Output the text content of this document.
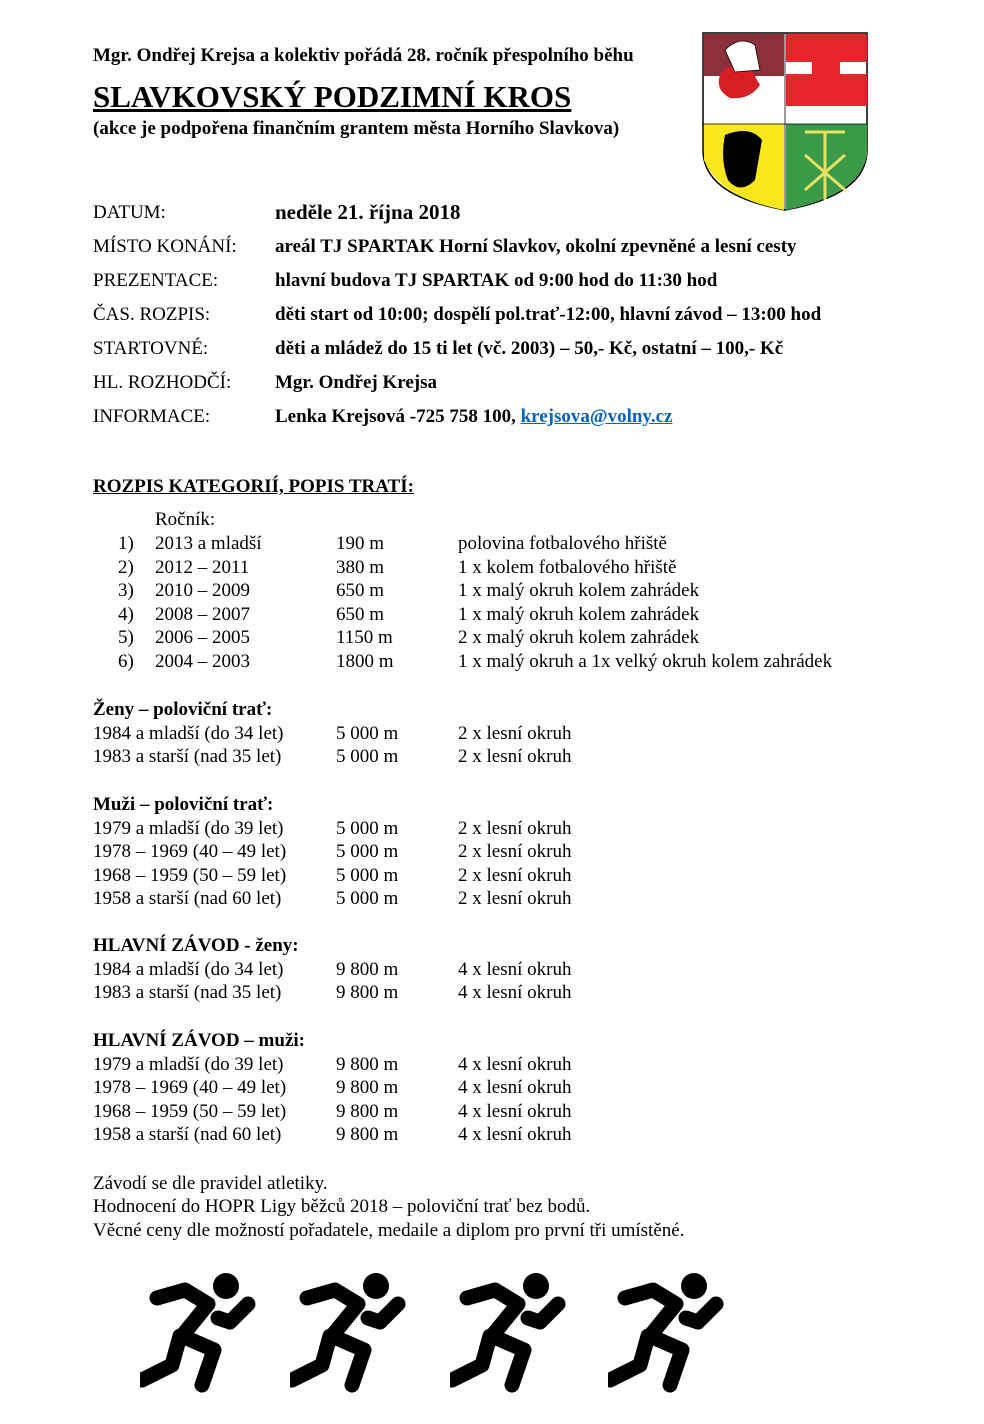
Mgr. Ondřej Krejsa a kolektiv pořádá 28. ročník přespolního běhu
SLAVKOVSKÝ PODZIMNÍ KROS
(akce je podpořena finančním grantem města Horního Slavkova)
DATUM:	neděle 21. října 2018
MÍSTO KONÁNÍ: areál TJ SPARTAK Horní Slavkov, okolní zpevněné a lesní cesty
PREZENTACE:	hlavní budova TJ SPARTAK od 9:00 hod do 11:30 hod
ČAS. ROZPIS:	děti start od 10:00; dospělí pol.trať-12:00, hlavní závod – 13:00 hod
STARTOVNÉ:	děti a mládež do 15 ti let (vč. 2003) – 50,- Kč, ostatní – 100,- Kč
HL. ROZHODČÍ: Mgr. Ondřej Krejsa
INFORMACE:	Lenka Krejsová -725 758 100, krejsova@volny.cz
ROZPIS KATEGORIÍ, POPIS TRATÍ:
Ročník:
1) 2013 a mladší	190 m	polovina fotbalového hřiště
2) 2012 – 2011	380 m	1 x kolem fotbalového hřiště
3) 2010 – 2009	650 m	1 x malý okruh kolem zahrádek
4) 2008 – 2007	650 m	1 x malý okruh kolem zahrádek
5) 2006 – 2005	1150 m	2 x malý okruh kolem zahrádek
6) 2004 – 2003	1800 m	1 x malý okruh a 1x velký okruh kolem zahrádek
Ženy – poloviční trať:
1984 a mladší (do 34 let)	5 000 m	2 x lesní okruh
1983 a starší (nad 35 let)	5 000 m	2 x lesní okruh
Muži – poloviční trať:
1979 a mladší (do 39 let)	5 000 m	2 x lesní okruh
1978 – 1969 (40 – 49 let)	5 000 m	2 x lesní okruh
1968 – 1959 (50 – 59 let)	5 000 m	2 x lesní okruh
1958 a starší (nad 60 let)	5 000 m	2 x lesní okruh
HLAVNÍ ZÁVOD - ženy:
1984 a mladší (do 34 let)	9 800 m	4 x lesní okruh
1983 a starší (nad 35 let)	9 800 m	4 x lesní okruh
HLAVNÍ ZÁVOD – muži:
1979 a mladší (do 39 let)	9 800 m	4 x lesní okruh
1978 – 1969 (40 – 49 let)	9 800 m	4 x lesní okruh
1968 – 1959 (50 – 59 let)	9 800 m	4 x lesní okruh
1958 a starší (nad 60 let)	9 800 m	4 x lesní okruh
Závodí se dle pravidel atletiky.
Hodnocení do HOPR Ligy běžců 2018 – poloviční trať bez bodů.
Věcné ceny dle možností pořadatele, medaile a diplom pro první tři umístěné.
